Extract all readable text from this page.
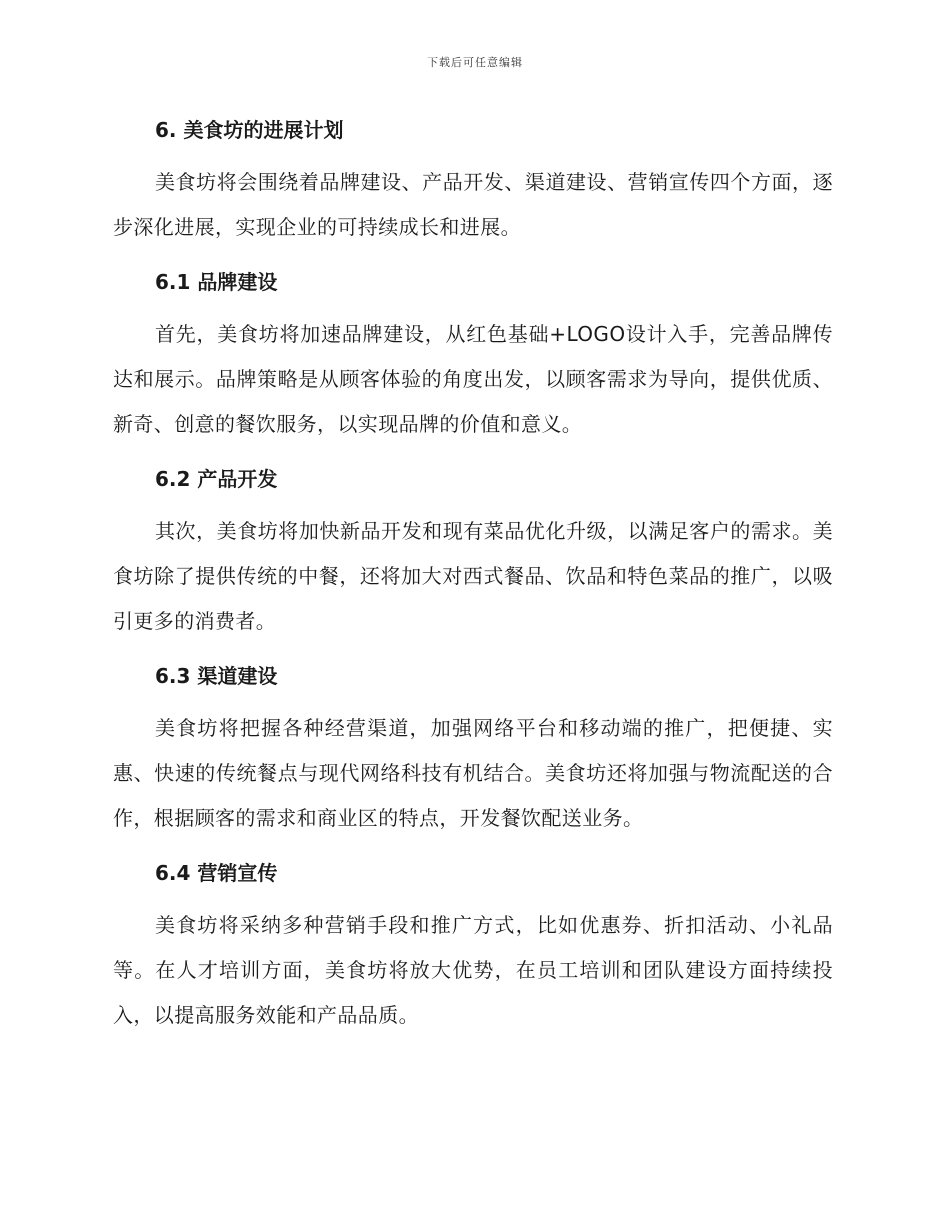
下载后可任意编辑
6. 美食坊的进展计划

美食坊将会围绕着品牌建设、产品开发、渠道建设、营销宣传四个方面，逐步深化进展，实现企业的可持续成长和进展。

6.1 品牌建设

首先，美食坊将加速品牌建设，从红色基础+LOGO设计入手，完善品牌传达和展示。品牌策略是从顾客体验的角度出发，以顾客需求为导向，提供优质、新奇、创意的餐饮服务，以实现品牌的价值和意义。

6.2 产品开发

其次，美食坊将加快新品开发和现有菜品优化升级，以满足客户的需求。美食坊除了提供传统的中餐，还将加大对西式餐品、饮品和特色菜品的推广，以吸引更多的消费者。

6.3 渠道建设

美食坊将把握各种经营渠道，加强网络平台和移动端的推广，把便捷、实惠、快速的传统餐点与现代网络科技有机结合。美食坊还将加强与物流配送的合作，根据顾客的需求和商业区的特点，开发餐饮配送业务。

6.4 营销宣传

美食坊将采纳多种营销手段和推广方式，比如优惠券、折扣活动、小礼品等。在人才培训方面，美食坊将放大优势，在员工培训和团队建设方面持续投入，以提高服务效能和产品品质。
